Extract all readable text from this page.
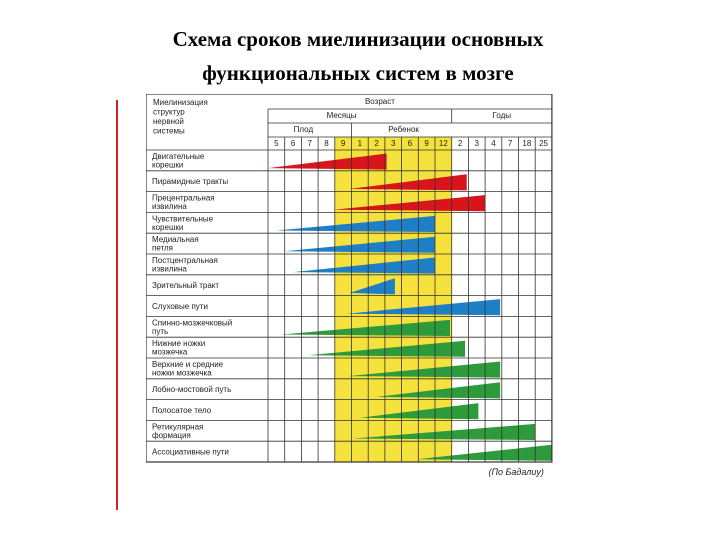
Схема сроков миелинизации основных
функциональных систем в мозге
Миелинизация
структур
нервной
системы
Возраст
Месяцы	Годы
Плод	Ребенок
5 6 7 8 9 1 2 3 6 9 12 2 3 4 7 18 25
Двигательные
корешки
Пирамидные тракты
Прецентральная
извилина
Чувствительные
корешки
Медиальная
петля
Постцентральная
извилина
Зрительный тракт
Слуховые пути
Спинно-мозжечковый
путь
Нижние ножки
мозжечка
Верхние и средние
ножки мозжечка
Лобно-мостовой путь
Полосатое тело
Ретикулярная
формация
Ассоциативные пути
(По Бадалиу)
